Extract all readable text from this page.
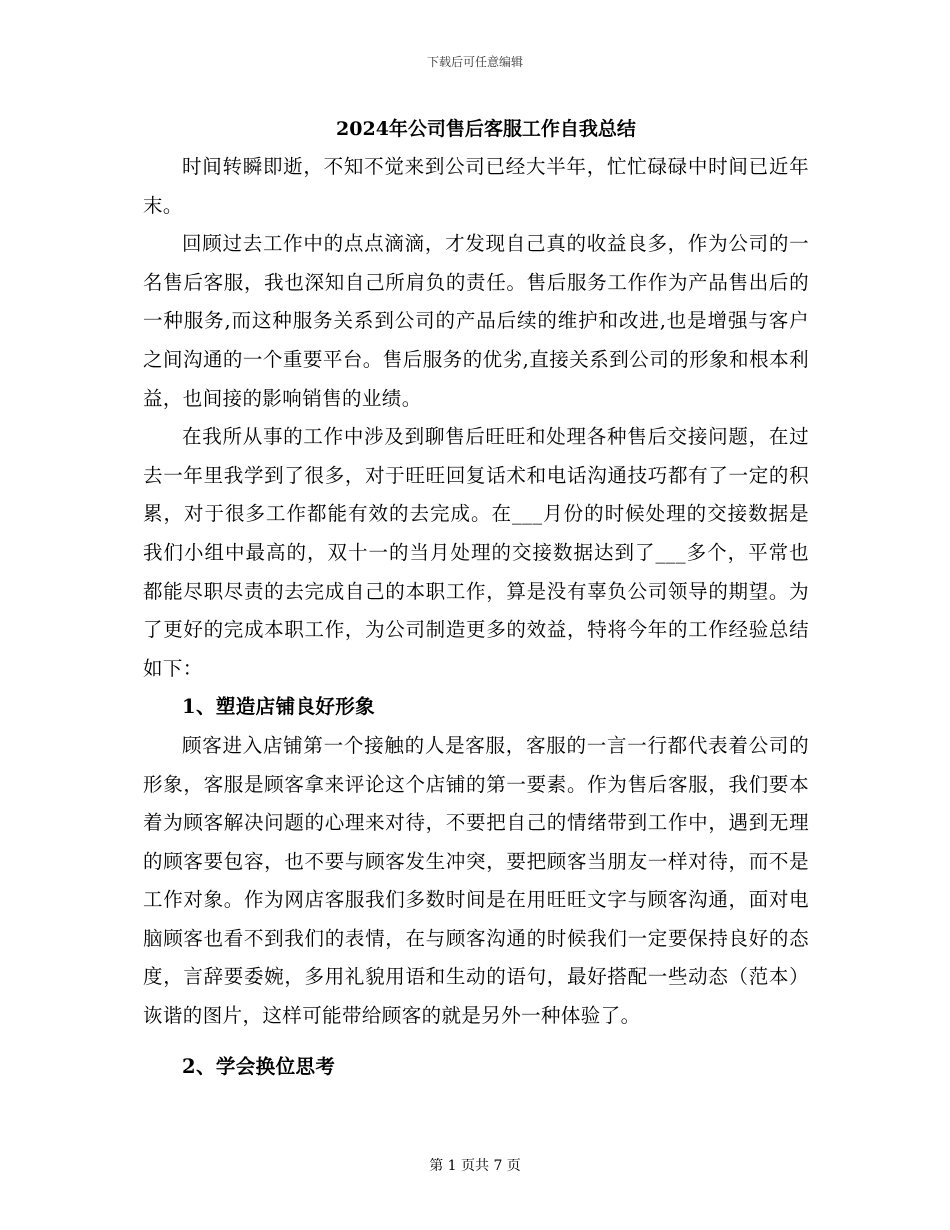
下载后可任意编辑
2024年公司售后客服工作自我总结

时间转瞬即逝，不知不觉来到公司已经大半年，忙忙碌碌中时间已近年末。

回顾过去工作中的点点滴滴，才发现自己真的收益良多，作为公司的一名售后客服，我也深知自己所肩负的责任。售后服务工作作为产品售出后的一种服务,而这种服务关系到公司的产品后续的维护和改进,也是增强与客户之间沟通的一个重要平台。售后服务的优劣,直接关系到公司的形象和根本利益，也间接的影响销售的业绩。

在我所从事的工作中涉及到聊售后旺旺和处理各种售后交接问题，在过去一年里我学到了很多，对于旺旺回复话术和电话沟通技巧都有了一定的积累，对于很多工作都能有效的去完成。在___月份的时候处理的交接数据是我们小组中最高的，双十一的当月处理的交接数据达到了___多个，平常也都能尽职尽责的去完成自己的本职工作，算是没有辜负公司领导的期望。为了更好的完成本职工作，为公司制造更多的效益，特将今年的工作经验总结如下：

1、塑造店铺良好形象

顾客进入店铺第一个接触的人是客服，客服的一言一行都代表着公司的形象，客服是顾客拿来评论这个店铺的第一要素。作为售后客服，我们要本着为顾客解决问题的心理来对待，不要把自己的情绪带到工作中，遇到无理的顾客要包容，也不要与顾客发生冲突，要把顾客当朋友一样对待，而不是工作对象。作为网店客服我们多数时间是在用旺旺文字与顾客沟通，面对电脑顾客也看不到我们的表情，在与顾客沟通的时候我们一定要保持良好的态度，言辞要委婉，多用礼貌用语和生动的语句，最好搭配一些动态（范本）诙谐的图片，这样可能带给顾客的就是另外一种体验了。

2、学会换位思考

第 1 页共 7 页
